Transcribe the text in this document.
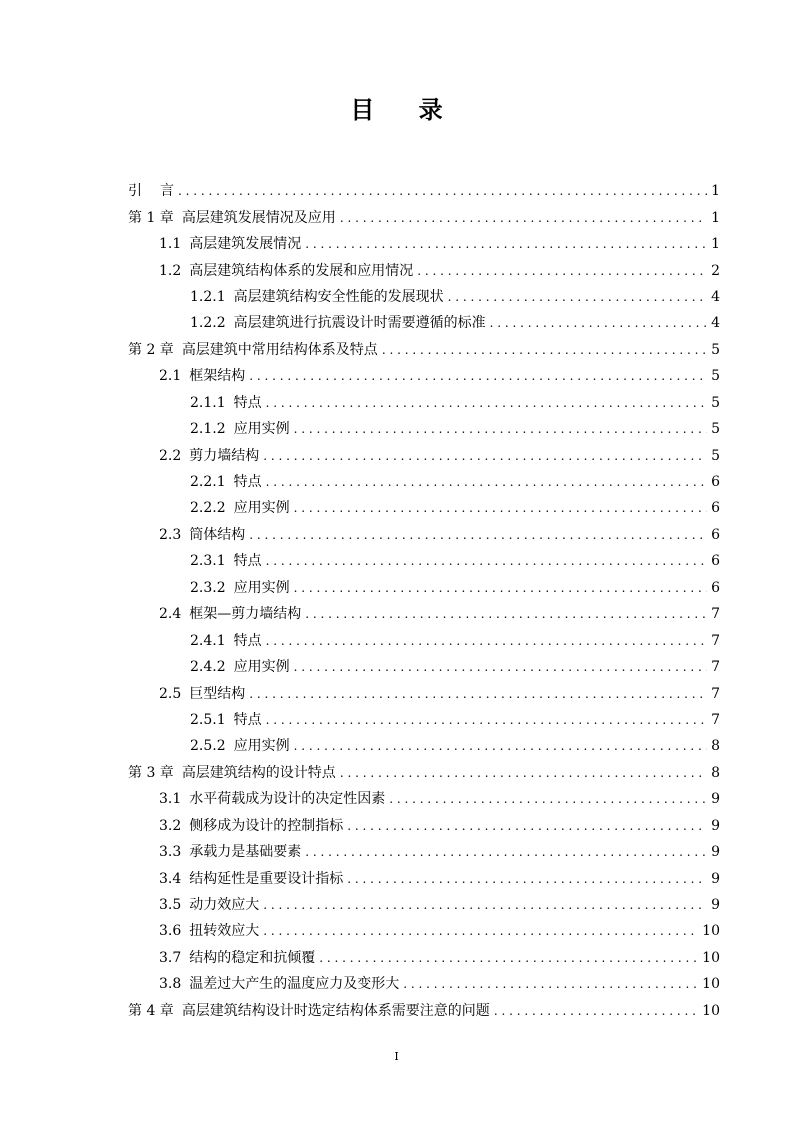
目 录
引 言 . . .	1
第 1 章 高层建筑发展情况及应用 . . .	1
1.1 高层建筑发展情况 . . .	1
1.2 高层建筑结构体系的发展和应用情况 . . .	2
1.2.1 高层建筑结构安全性能的发展现状 . . .	4
1.2.2 高层建筑进行抗震设计时需要遵循的标准 . . .	4
第 2 章 高层建筑中常用结构体系及特点 . . .	5
2.1 框架结构 . . .	5
2.1.1 特点 . . .	5
2.1.2 应用实例 . . .	5
2.2 剪力墙结构 . . .	5
2.2.1 特点 . . .	6
2.2.2 应用实例 . . .	6
2.3 筒体结构 . . .	6
2.3.1 特点 . . .	6
2.3.2 应用实例 . . .	6
2.4 框架—剪力墙结构 . . .	7
2.4.1 特点 . . .	7
2.4.2 应用实例 . . .	7
2.5 巨型结构 . . .	7
2.5.1 特点 . . .	7
2.5.2 应用实例 . . .	8
第 3 章 高层建筑结构的设计特点 . . .	8
3.1 水平荷载成为设计的决定性因素 . . .	9
3.2 侧移成为设计的控制指标 . . .	9
3.3 承载力是基础要素 . . .	9
3.4 结构延性是重要设计指标 . . .	9
3.5 动力效应大 . . .	9
3.6 扭转效应大 . . .	10
3.7 结构的稳定和抗倾覆 . . .	10
3.8 温差过大产生的温度应力及变形大 . . .	10
第 4 章 高层建筑结构设计时选定结构体系需要注意的问题 . . .	10
I
